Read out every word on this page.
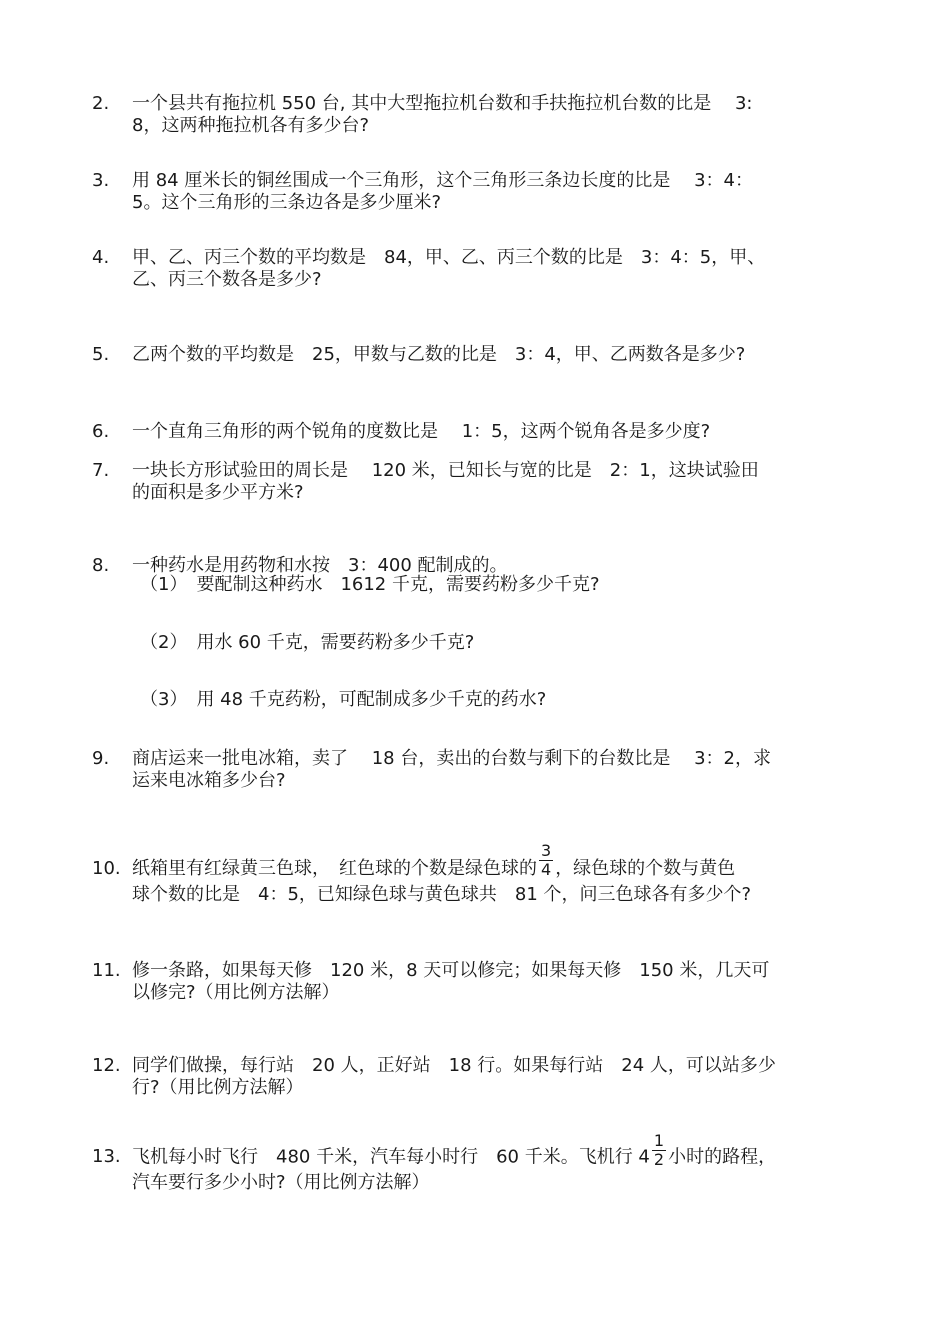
2.	一个县共有拖拉机 550 台, 其中大型拖拉机台数和手扶拖拉机台数的比是　 3:
8，这两种拖拉机各有多少台?
3.	用 84 厘米长的铜丝围成一个三角形，这个三角形三条边长度的比是　 3：4：
5。这个三角形的三条边各是多少厘米?
4.	甲、乙、丙三个数的平均数是　84，甲、乙、丙三个数的比是　3：4：5，甲、
乙、丙三个数各是多少?
5.	乙两个数的平均数是　25，甲数与乙数的比是　3：4，甲、乙两数各是多少?
6.	一个直角三角形的两个锐角的度数比是　 1：5，这两个锐角各是多少度?
7.	一块长方形试验田的周长是　 120 米，已知长与宽的比是　2：1，这块试验田
的面积是多少平方米?
8.	一种药水是用药物和水按　3：400 配制成的。
（1）　要配制这种药水　1612 千克，需要药粉多少千克?
（2）　用水 60 千克，需要药粉多少千克?
（3）　用 48 千克药粉，可配制成多少千克的药水?
9.	商店运来一批电冰箱，卖了　 18 台，卖出的台数与剩下的台数比是　 3：2，求
运来电冰箱多少台?
10. 纸箱里有红绿黄三色球，　红色球的个数是绿色球的 $\frac{3}{4}$ ，绿色球的个数与黄色
球个数的比是　4：5，已知绿色球与黄色球共　81 个，问三色球各有多少个?
11. 修一条路，如果每天修　120 米，8 天可以修完；如果每天修　150 米，几天可
以修完?（用比例方法解）
12. 同学们做操，每行站　20 人，正好站　18 行。如果每行站　24 人，可以站多少
行?（用比例方法解）
13. 飞机每小时飞行　480 千米，汽车每小时行　60 千米。飞机行 $4 \frac{1}{2}$ 小时的路程，
汽车要行多少小时?（用比例方法解）
